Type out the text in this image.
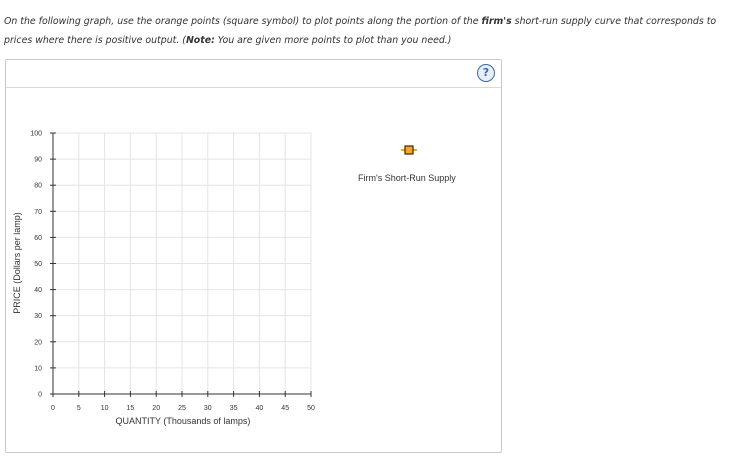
On the following graph, use the orange points (square symbol) to plot points along the portion of the firm's short-run supply curve that corresponds to prices where there is positive output. (Note: You are given more points to plot than you need.)
?
0	5	10	15	20	25	30	35	40	45	50
0
10
20
30
40
50
60
70
80
90
100
QUANTITY (Thousands of lamps)
PRICE (Dollars per lamp)
Firm's Short-Run Supply
